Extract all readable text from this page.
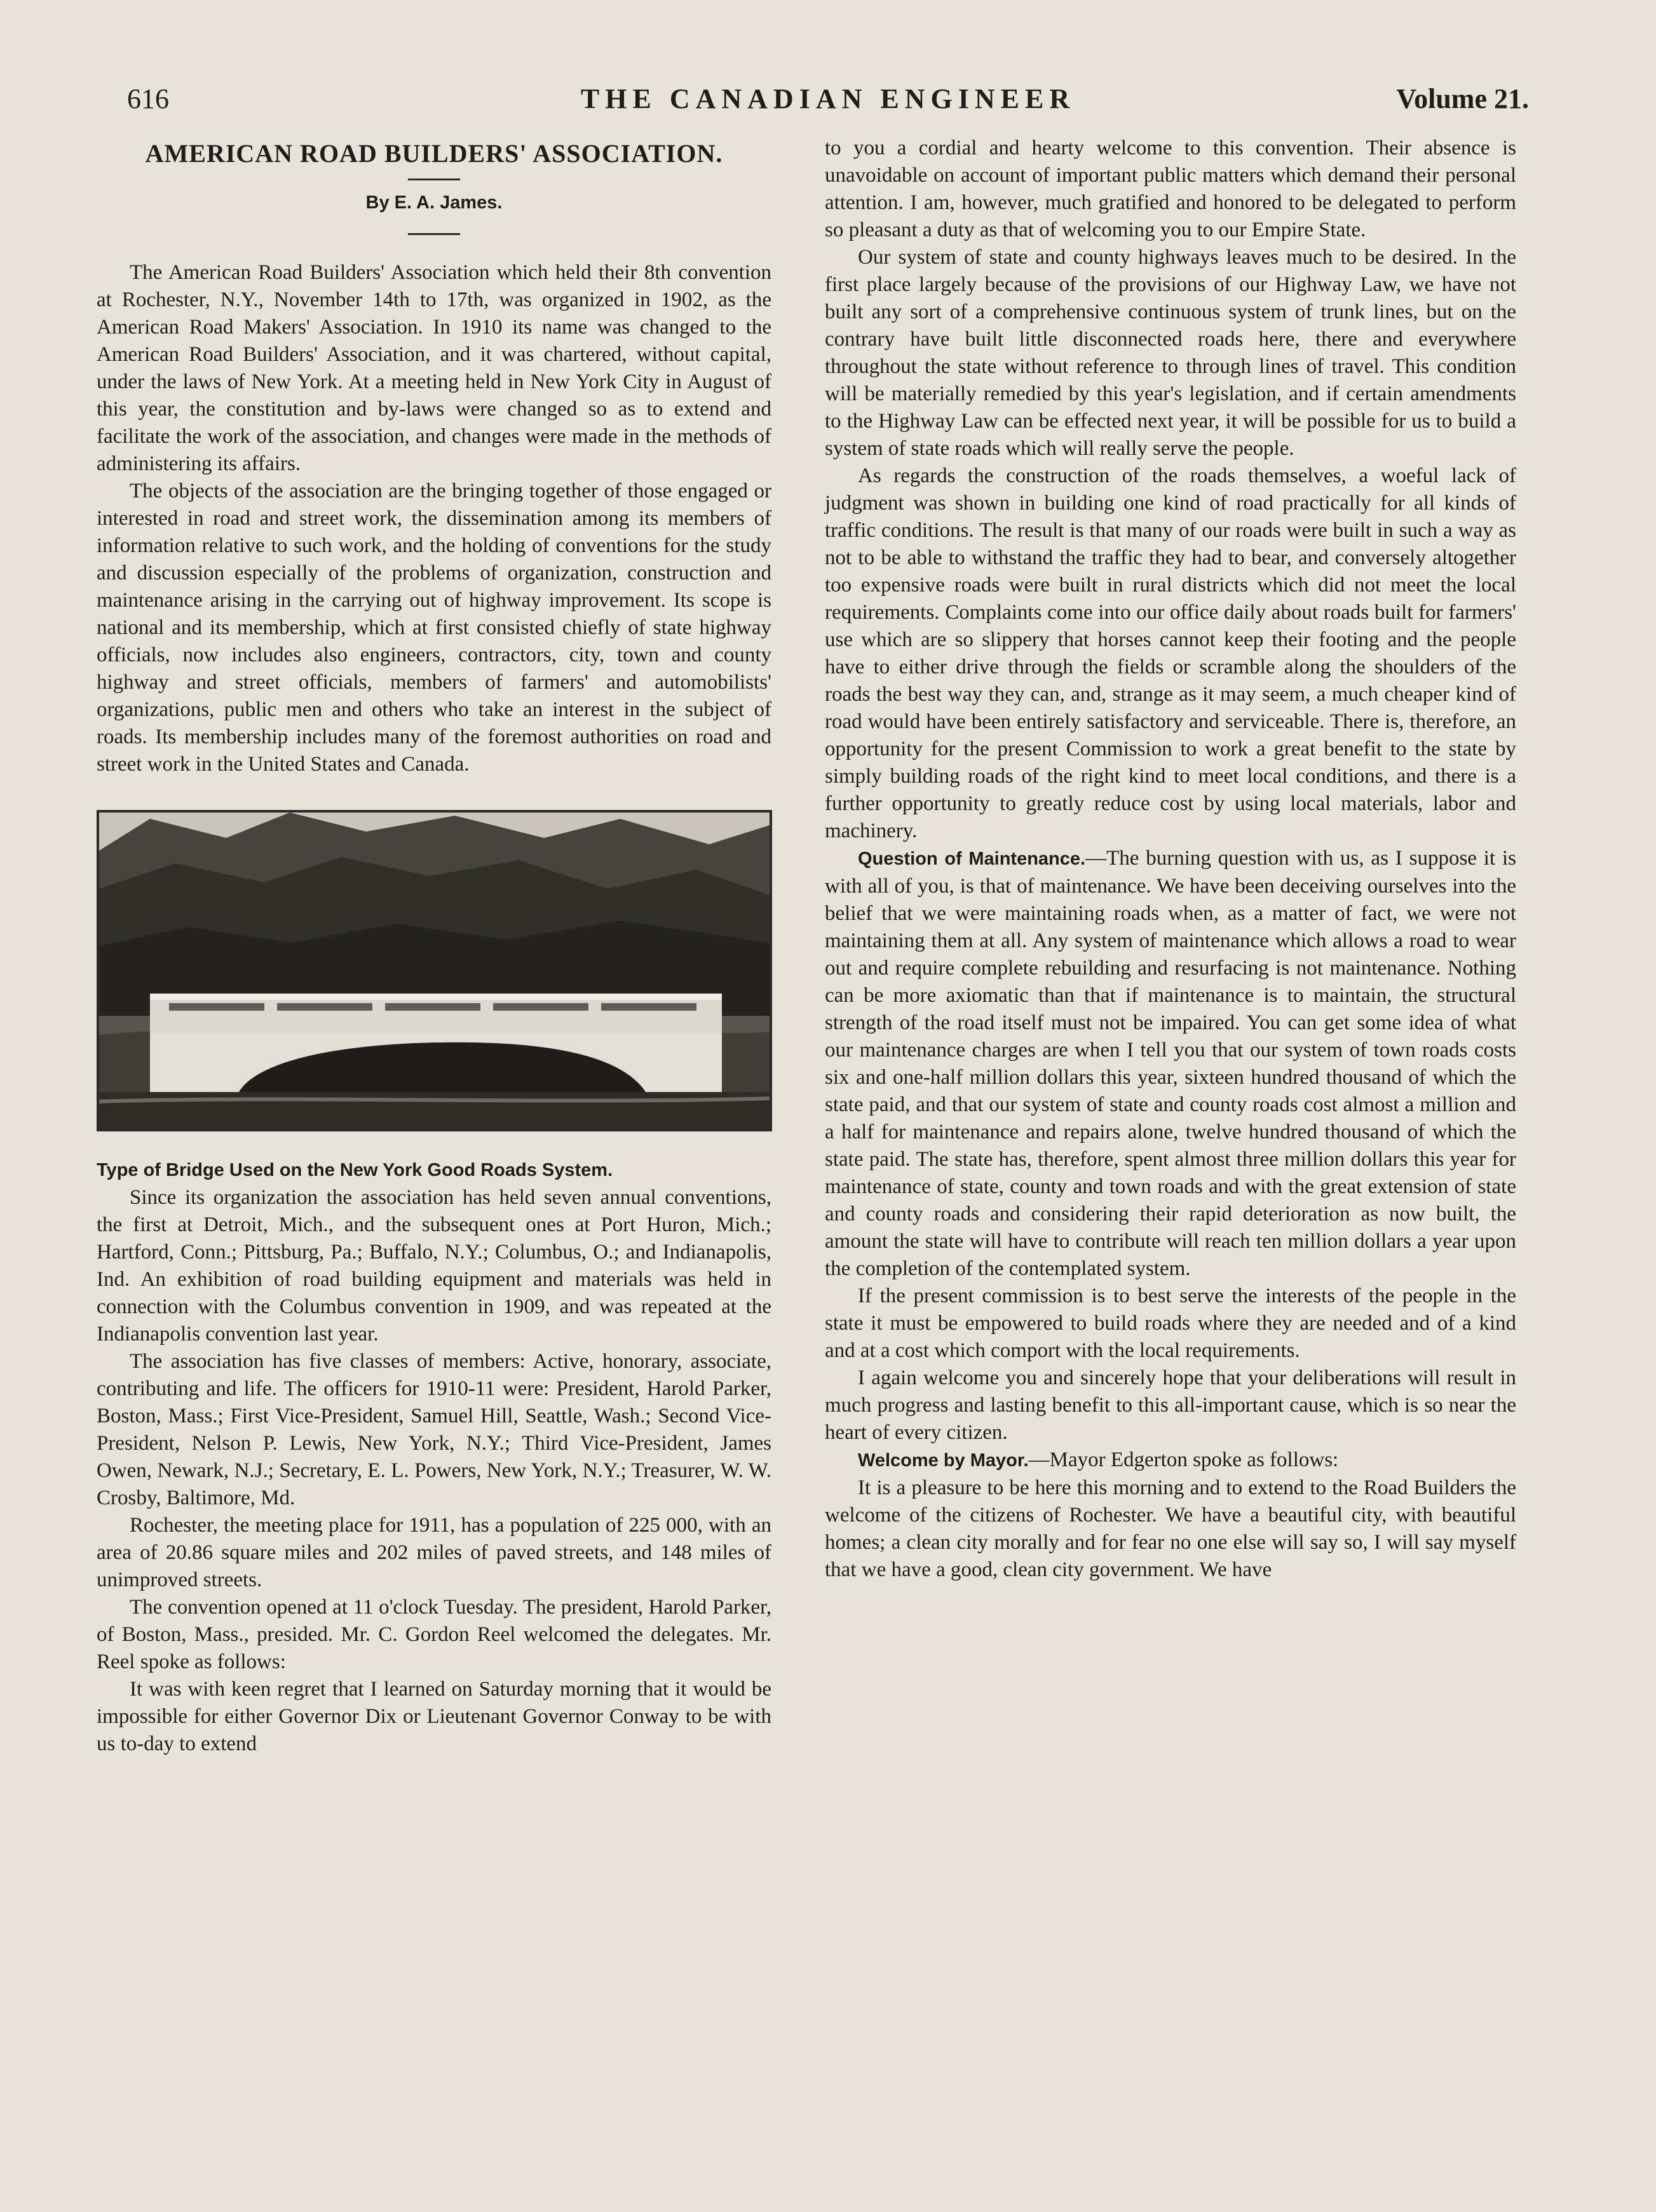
616	THE CANADIAN ENGINEER	Volume 21.
AMERICAN ROAD BUILDERS' ASSOCIATION.
By E. A. James.

The American Road Builders' Association which held their 8th convention at Rochester, N.Y., November 14th to 17th, was organized in 1902, as the American Road Makers' Association. In 1910 its name was changed to the American Road Builders' Association, and it was chartered, without capital, under the laws of New York. At a meeting held in New York City in August of this year, the constitution and by-laws were changed so as to extend and facilitate the work of the association, and changes were made in the methods of administering its affairs.

The objects of the association are the bringing together of those engaged or interested in road and street work, the dissemination among its members of information relative to such work, and the holding of conventions for the study and discussion especially of the problems of organization, construction and maintenance arising in the carrying out of highway improvement. Its scope is national and its membership, which at first consisted chiefly of state highway officials, now includes also engineers, contractors, city, town and county highway and street officials, members of farmers' and automobilists' organizations, public men and others who take an interest in the subject of roads. Its membership includes many of the foremost authorities on road and street work in the United States and Canada.

Type of Bridge Used on the New York Good Roads System.

Since its organization the association has held seven annual conventions, the first at Detroit, Mich., and the subsequent ones at Port Huron, Mich.; Hartford, Conn.; Pittsburg, Pa.; Buffalo, N.Y.; Columbus, O.; and Indianapolis, Ind. An exhibition of road building equipment and materials was held in connection with the Columbus convention in 1909, and was repeated at the Indianapolis convention last year.

The association has five classes of members: Active, honorary, associate, contributing and life. The officers for 1910-11 were: President, Harold Parker, Boston, Mass.; First Vice-President, Samuel Hill, Seattle, Wash.; Second Vice-President, Nelson P. Lewis, New York, N.Y.; Third Vice-President, James Owen, Newark, N.J.; Secretary, E. L. Powers, New York, N.Y.; Treasurer, W. W. Crosby, Baltimore, Md.

Rochester, the meeting place for 1911, has a population of 225 000, with an area of 20.86 square miles and 202 miles of paved streets, and 148 miles of unimproved streets.

The convention opened at 11 o'clock Tuesday. The president, Harold Parker, of Boston, Mass., presided. Mr. C. Gordon Reel welcomed the delegates. Mr. Reel spoke as follows:

It was with keen regret that I learned on Saturday morning that it would be impossible for either Governor Dix or Lieutenant Governor Conway to be with us to-day to extend

to you a cordial and hearty welcome to this convention. Their absence is unavoidable on account of important public matters which demand their personal attention. I am, however, much gratified and honored to be delegated to perform so pleasant a duty as that of welcoming you to our Empire State.

Our system of state and county highways leaves much to be desired. In the first place largely because of the provisions of our Highway Law, we have not built any sort of a comprehensive continuous system of trunk lines, but on the contrary have built little disconnected roads here, there and everywhere throughout the state without reference to through lines of travel. This condition will be materially remedied by this year's legislation, and if certain amendments to the Highway Law can be effected next year, it will be possible for us to build a system of state roads which will really serve the people.

As regards the construction of the roads themselves, a woeful lack of judgment was shown in building one kind of road practically for all kinds of traffic conditions. The result is that many of our roads were built in such a way as not to be able to withstand the traffic they had to bear, and conversely altogether too expensive roads were built in rural districts which did not meet the local requirements. Complaints come into our office daily about roads built for farmers' use which are so slippery that horses cannot keep their footing and the people have to either drive through the fields or scramble along the shoulders of the roads the best way they can, and, strange as it may seem, a much cheaper kind of road would have been entirely satisfactory and serviceable. There is, therefore, an opportunity for the present Commission to work a great benefit to the state by simply building roads of the right kind to meet local conditions, and there is a further opportunity to greatly reduce cost by using local materials, labor and machinery.

Question of Maintenance.—The burning question with us, as I suppose it is with all of you, is that of maintenance. We have been deceiving ourselves into the belief that we were maintaining roads when, as a matter of fact, we were not maintaining them at all. Any system of maintenance which allows a road to wear out and require complete rebuilding and resurfacing is not maintenance. Nothing can be more axiomatic than that if maintenance is to maintain, the structural strength of the road itself must not be impaired. You can get some idea of what our maintenance charges are when I tell you that our system of town roads costs six and one-half million dollars this year, sixteen hundred thousand of which the state paid, and that our system of state and county roads cost almost a million and a half for maintenance and repairs alone, twelve hundred thousand of which the state paid. The state has, therefore, spent almost three million dollars this year for maintenance of state, county and town roads and with the great extension of state and county roads and considering their rapid deterioration as now built, the amount the state will have to contribute will reach ten million dollars a year upon the completion of the contemplated system.

If the present commission is to best serve the interests of the people in the state it must be empowered to build roads where they are needed and of a kind and at a cost which comport with the local requirements.

I again welcome you and sincerely hope that your deliberations will result in much progress and lasting benefit to this all-important cause, which is so near the heart of every citizen.

Welcome by Mayor.—Mayor Edgerton spoke as follows:

It is a pleasure to be here this morning and to extend to the Road Builders the welcome of the citizens of Rochester. We have a beautiful city, with beautiful homes; a clean city morally and for fear no one else will say so, I will say myself that we have a good, clean city government. We have
